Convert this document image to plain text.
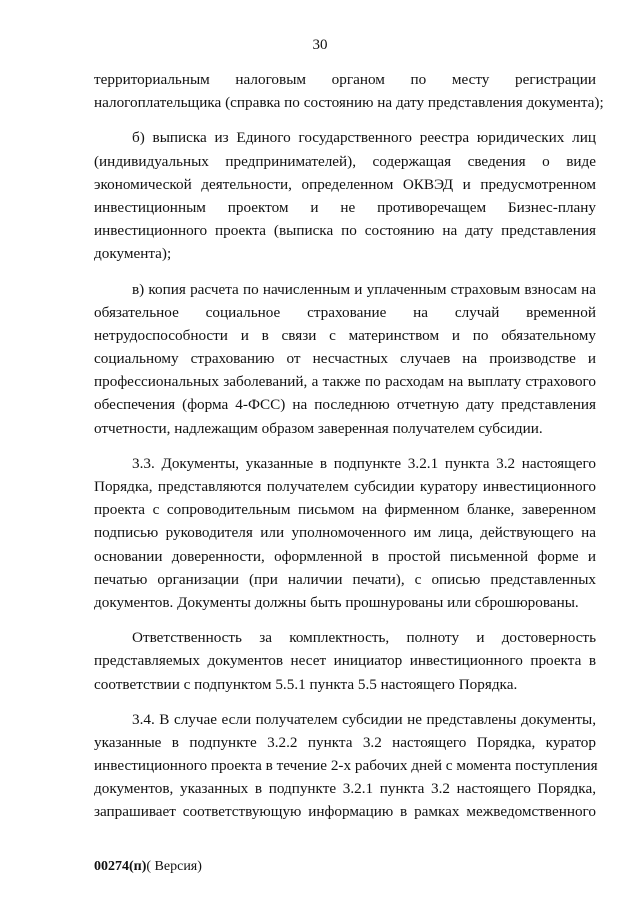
30
территориальным налоговым органом по месту регистрации
налогоплательщика (справка по состоянию на дату представления документа);
б) выписка из Единого государственного реестра юридических лиц
(индивидуальных предпринимателей), содержащая сведения о виде
экономической деятельности, определенном ОКВЭД и предусмотренном
инвестиционным проектом и не противоречащем Бизнес-плану
инвестиционного проекта (выписка по состоянию на дату представления
документа);
в) копия расчета по начисленным и уплаченным страховым взносам на
обязательное социальное страхование на случай временной
нетрудоспособности и в связи с материнством и по обязательному
социальному страхованию от несчастных случаев на производстве и
профессиональных заболеваний, а также по расходам на выплату страхового
обеспечения (форма 4-ФСС) на последнюю отчетную дату представления
отчетности, надлежащим образом заверенная получателем субсидии.
3.3. Документы, указанные в подпункте 3.2.1 пункта 3.2 настоящего
Порядка, представляются получателем субсидии куратору инвестиционного
проекта с сопроводительным письмом на фирменном бланке, заверенном
подписью руководителя или уполномоченного им лица, действующего на
основании доверенности, оформленной в простой письменной форме и
печатью организации (при наличии печати), с описью представленных
документов. Документы должны быть прошнурованы или сброшюрованы.
Ответственность за комплектность, полноту и достоверность
представляемых документов несет инициатор инвестиционного проекта в
соответствии с подпунктом 5.5.1 пункта 5.5 настоящего Порядка.
3.4. В случае если получателем субсидии не представлены документы,
указанные в подпункте 3.2.2 пункта 3.2 настоящего Порядка, куратор
инвестиционного проекта в течение 2-х рабочих дней с момента поступления
документов, указанных в подпункте 3.2.1 пункта 3.2 настоящего Порядка,
запрашивает соответствующую информацию в рамках межведомственного
00274(п)( Версия)
